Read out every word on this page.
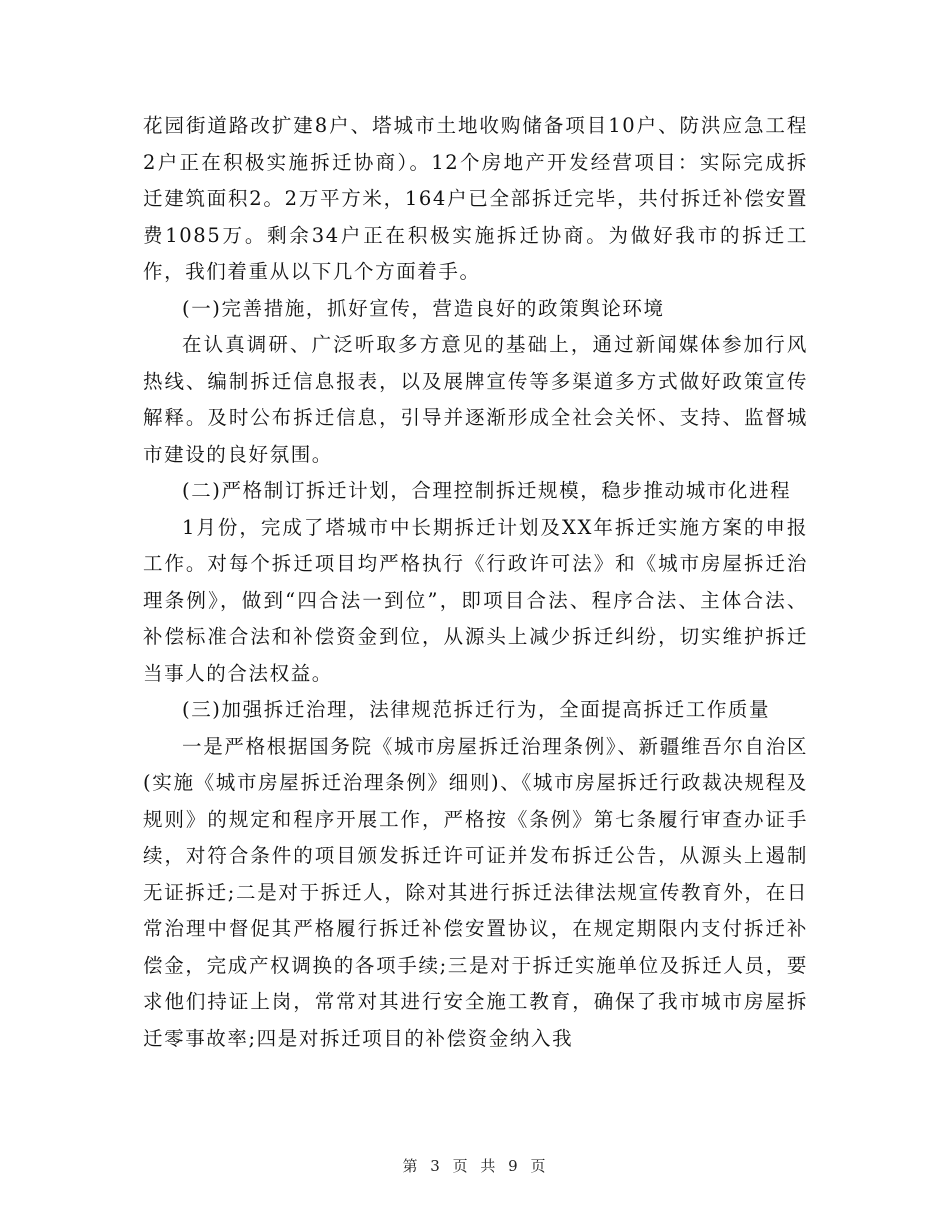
花园街道路改扩建8户、塔城市土地收购储备项目10户、防洪应急工程2户正在积极实施拆迁协商）。12个房地产开发经营项目：实际完成拆迁建筑面积2。2万平方米，164户已全部拆迁完毕，共付拆迁补偿安置费1085万。剩余34户正在积极实施拆迁协商。为做好我市的拆迁工作，我们着重从以下几个方面着手。

(一)完善措施，抓好宣传，营造良好的政策舆论环境

在认真调研、广泛听取多方意见的基础上，通过新闻媒体参加行风热线、编制拆迁信息报表，以及展牌宣传等多渠道多方式做好政策宣传解释。及时公布拆迁信息，引导并逐渐形成全社会关怀、支持、监督城市建设的良好氛围。

(二)严格制订拆迁计划，合理控制拆迁规模，稳步推动城市化进程

1月份，完成了塔城市中长期拆迁计划及XX年拆迁实施方案的申报工作。对每个拆迁项目均严格执行《行政许可法》和《城市房屋拆迁治理条例》，做到“四合法一到位”，即项目合法、程序合法、主体合法、补偿标准合法和补偿资金到位，从源头上减少拆迁纠纷，切实维护拆迁当事人的合法权益。

(三)加强拆迁治理，法律规范拆迁行为，全面提高拆迁工作质量

一是严格根据国务院《城市房屋拆迁治理条例》、新疆维吾尔自治区(实施《城市房屋拆迁治理条例》细则)、《城市房屋拆迁行政裁决规程及规则》的规定和程序开展工作，严格按《条例》第七条履行审查办证手续，对符合条件的项目颁发拆迁许可证并发布拆迁公告，从源头上遏制无证拆迁;二是对于拆迁人，除对其进行拆迁法律法规宣传教育外，在日常治理中督促其严格履行拆迁补偿安置协议，在规定期限内支付拆迁补偿金，完成产权调换的各项手续;三是对于拆迁实施单位及拆迁人员，要求他们持证上岗，常常对其进行安全施工教育，确保了我市城市房屋拆迁零事故率;四是对拆迁项目的补偿资金纳入我

第 3 页 共 9 页
